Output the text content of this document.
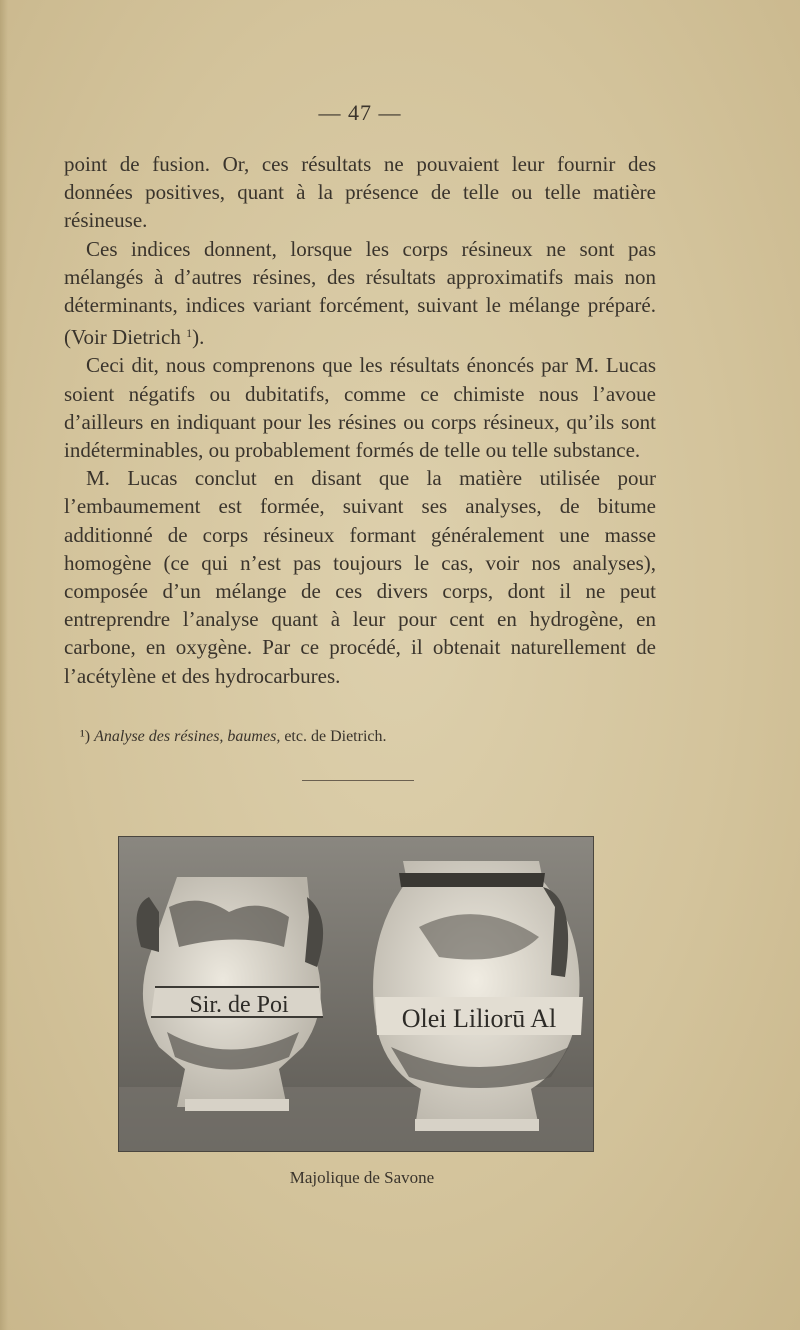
— 47 —

point de fusion. Or, ces résultats ne pouvaient leur fournir des données positives, quant à la présence de telle ou telle matière résineuse.

Ces indices donnent, lorsque les corps résineux ne sont pas mélangés à d’autres résines, des résultats approximatifs mais non déterminants, indices variant forcément, suivant le mélange préparé. (Voir Dietrich $^1$).

Ceci dit, nous comprenons que les résultats énoncés par M. Lucas soient négatifs ou dubitatifs, comme ce chimiste nous l’avoue d’ailleurs en indiquant pour les résines ou corps résineux, qu’ils sont indéterminables, ou probablement formés de telle ou telle substance.

M. Lucas conclut en disant que la matière utilisée pour l’embaumement est formée, suivant ses analyses, de bitume additionné de corps résineux formant généralement une masse homogène (ce qui n’est pas toujours le cas, voir nos analyses), composée d’un mélange de ces divers corps, dont il ne peut entreprendre l’analyse quant à leur pour cent en hydrogène, en carbone, en oxygène. Par ce procédé, il obtenait naturellement de l’acétylène et des hydrocarbures.

¹) Analyse des résines, baumes, etc. de Dietrich.
Sir. de Poi	Olei Liliorū Al
Majolique de Savone
